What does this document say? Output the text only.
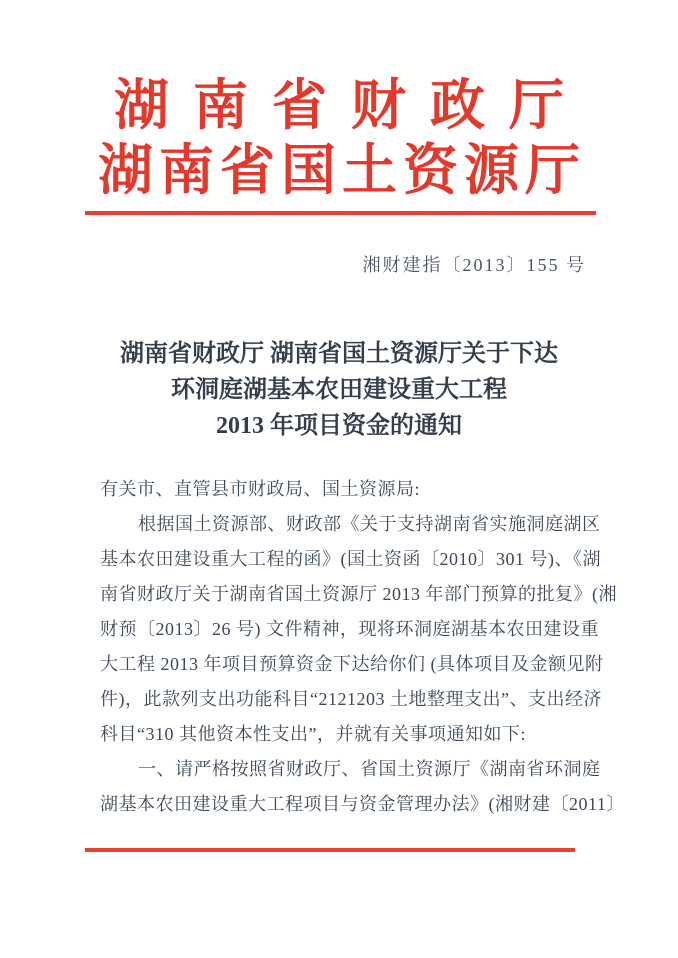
湖南省财政厅
湖南省国土资源厅
湘财建指〔2013〕155 号
湖南省财政厅 湖南省国土资源厅关于下达
环洞庭湖基本农田建设重大工程
2013 年项目资金的通知
有关市、直管县市财政局、国土资源局:
根据国土资源部、财政部《关于支持湖南省实施洞庭湖区
基本农田建设重大工程的函》(国土资函〔2010〕301 号)、《湖
南省财政厅关于湖南省国土资源厅 2013 年部门预算的批复》(湘
财预〔2013〕26 号) 文件精神，现将环洞庭湖基本农田建设重
大工程 2013 年项目预算资金下达给你们 (具体项目及金额见附
件)，此款列支出功能科目“2121203 土地整理支出”、支出经济
科目“310 其他资本性支出”，并就有关事项通知如下:
一、请严格按照省财政厅、省国土资源厅《湖南省环洞庭
湖基本农田建设重大工程项目与资金管理办法》(湘财建〔2011〕
